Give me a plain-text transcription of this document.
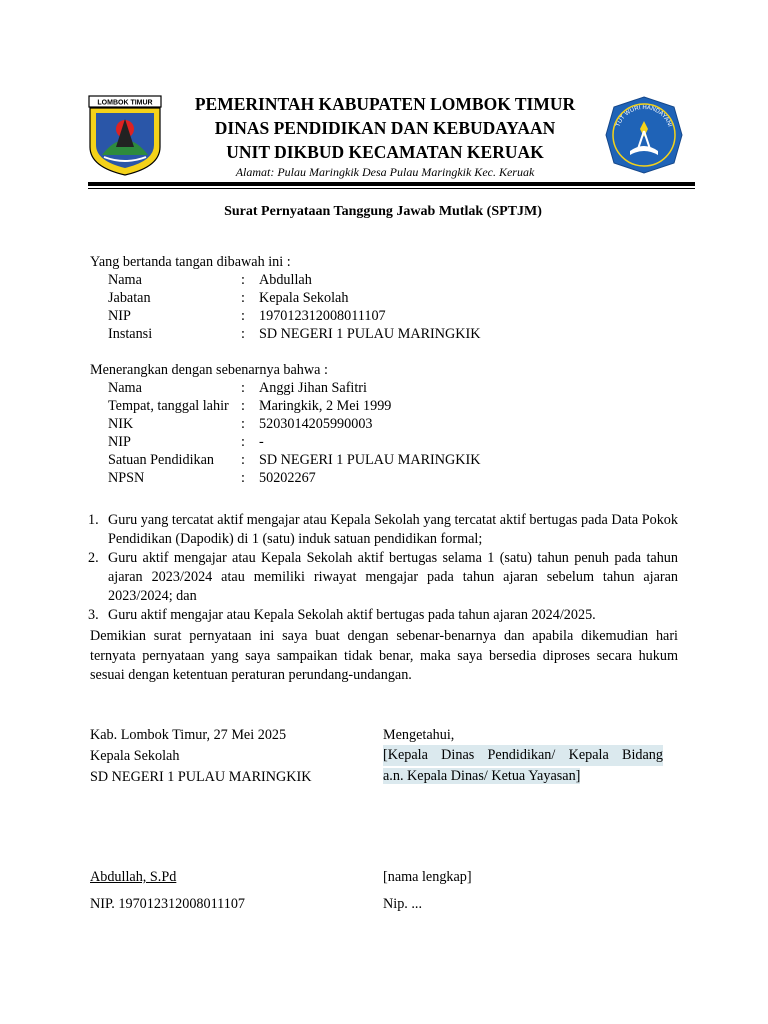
LOMBOK TIMUR	PEMERINTAH KABUPATEN LOMBOK TIMUR
DINAS PENDIDIKAN DAN KEBUDAYAAN
UNIT DIKBUD KECAMATAN KERUAK
Alamat: Pulau Maringkik Desa Pulau Maringkik Kec. Keruak
TUT WURI HANDAYANI
Surat Pernyataan Tanggung Jawab Mutlak (SPTJM)
Yang bertanda tangan dibawah ini :
Nama	: Abdullah
Jabatan	: Kepala Sekolah
NIP	: 197012312008011107
Instansi	: SD NEGERI 1 PULAU MARINGKIK
Menerangkan dengan sebenarnya bahwa :
Nama	: Anggi Jihan Safitri
Tempat, tanggal lahir : Maringkik, 2 Mei 1999
NIK	: 5203014205990003
NIP	: -
Satuan Pendidikan : SD NEGERI 1 PULAU MARINGKIK
NPSN	: 50202267
1. Guru yang tercatat aktif mengajar atau Kepala Sekolah yang tercatat aktif bertugas pada Data Pokok Pendidikan (Dapodik) di 1 (satu) induk satuan pendidikan formal;
2. Guru aktif mengajar atau Kepala Sekolah aktif bertugas selama 1 (satu) tahun penuh pada tahun ajaran 2023/2024 atau memiliki riwayat mengajar pada tahun ajaran sebelum tahun ajaran 2023/2024; dan
3. Guru aktif mengajar atau Kepala Sekolah aktif bertugas pada tahun ajaran 2024/2025.
Demikian surat pernyataan ini saya buat dengan sebenar-benarnya dan apabila dikemudian hari ternyata pernyataan yang saya sampaikan tidak benar, maka saya bersedia diproses secara hukum sesuai dengan ketentuan peraturan perundang-undangan.
Kab. Lombok Timur, 27 Mei 2025
Kepala Sekolah
SD NEGERI 1 PULAU MARINGKIK
Abdullah, S.Pd
NIP. 197012312008011107
Mengetahui,
[Kepala Dinas Pendidikan/ Kepala Bidang
a.n. Kepala Dinas/ Ketua Yayasan]
[nama lengkap]
Nip. ...
